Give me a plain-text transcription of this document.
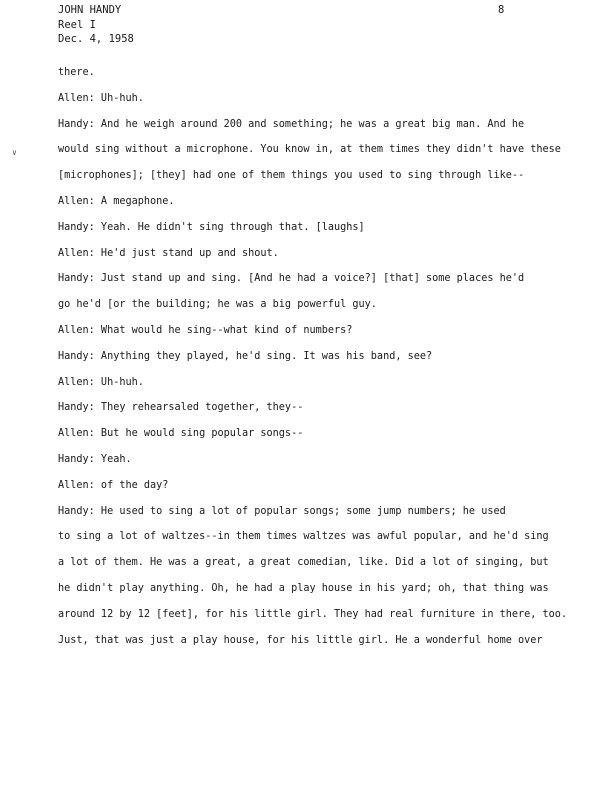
JOHN HANDY
Reel I
Dec. 4, 1958
8
∨
there.
Allen: Uh-huh.
Handy: And he weigh around 200 and something; he was a great big man. And he
would sing without a microphone. You know in, at them times they didn't have these
[microphones]; [they] had one of them things you used to sing through like--
Allen: A megaphone.
Handy: Yeah. He didn't sing through that. [laughs]
Allen: He'd just stand up and shout.
Handy: Just stand up and sing. [And he had a voice?] [that] some places he'd
go he'd [or the building; he was a big powerful guy.
Allen: What would he sing--what kind of numbers?
Handy: Anything they played, he'd sing. It was his band, see?
Allen: Uh-huh.
Handy: They rehearsaled together, they--
Allen: But he would sing popular songs--
Handy: Yeah.
Allen: of the day?
Handy: He used to sing a lot of popular songs; some jump numbers; he used
to sing a lot of waltzes--in them times waltzes was awful popular, and he'd sing
a lot of them. He was a great, a great comedian, like. Did a lot of singing, but
he didn't play anything. Oh, he had a play house in his yard; oh, that thing was
around 12 by 12 [feet], for his little girl. They had real furniture in there, too.
Just, that was just a play house, for his little girl. He a wonderful home over
